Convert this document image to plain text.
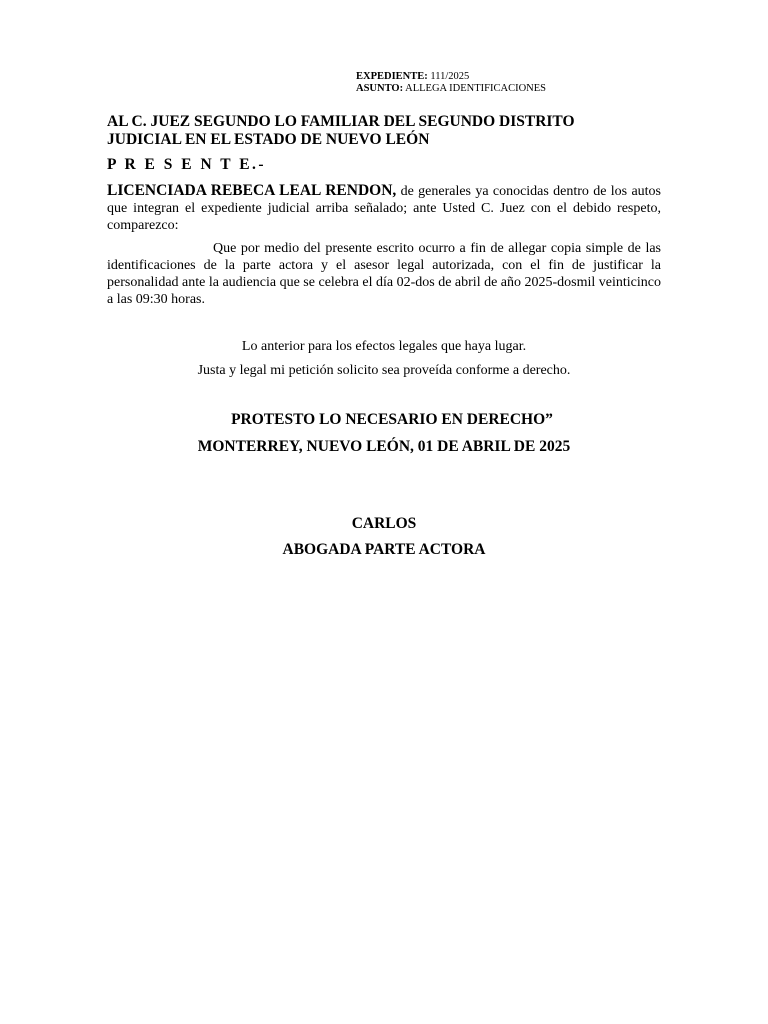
EXPEDIENTE: 111/2025
ASUNTO: ALLEGA IDENTIFICACIONES
AL C. JUEZ SEGUNDO LO FAMILIAR DEL SEGUNDO DISTRITO
JUDICIAL EN EL ESTADO DE NUEVO LEÓN
P R E S E N T E.-
LICENCIADA REBECA LEAL RENDON, de generales ya conocidas dentro de los autos que integran el expediente judicial arriba señalado; ante Usted C. Juez con el debido respeto, comparezco:
Que por medio del presente escrito ocurro a fin de allegar copia simple de las identificaciones de la parte actora y el asesor legal autorizada, con el fin de justificar la personalidad ante la audiencia que se celebra el día 02-dos de abril de año 2025-dosmil veinticinco a las 09:30 horas.
Lo anterior para los efectos legales que haya lugar.
Justa y legal mi petición solicito sea proveída conforme a derecho.
PROTESTO LO NECESARIO EN DERECHO”
MONTERREY, NUEVO LEÓN, 01 DE ABRIL DE 2025
CARLOS
ABOGADA PARTE ACTORA
